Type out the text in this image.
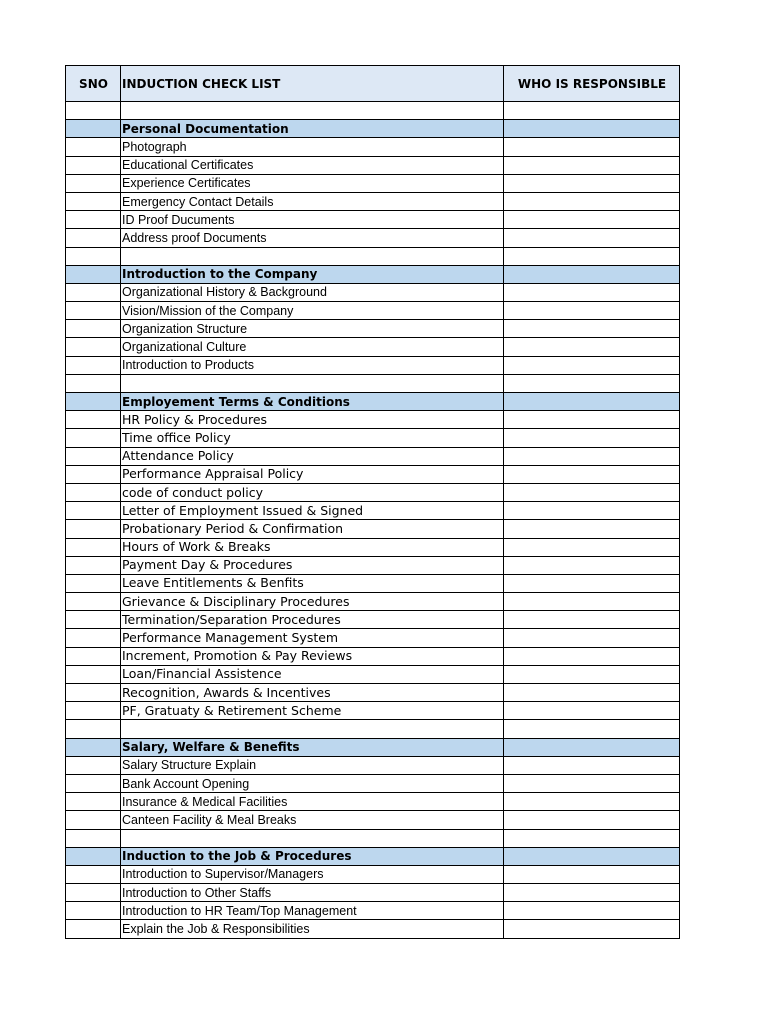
SNO	INDUCTION CHECK LIST	WHO IS RESPONSIBLE

	Personal Documentation	
	Photograph	
	Educational Certificates	
	Experience Certificates	
	Emergency Contact Details	
	ID Proof Ducuments	
	Address proof Documents	

	Introduction to the Company	
	Organizational History & Background	
	Vision/Mission of the Company	
	Organization Structure	
	Organizational Culture	
	Introduction to Products	

	Employement Terms & Conditions	
	HR Policy & Procedures	
	Time office Policy	
	Attendance Policy	
	Performance Appraisal Policy	
	code of conduct policy	
	Letter of Employment Issued & Signed	
	Probationary Period & Confirmation	
	Hours of Work & Breaks	
	Payment Day & Procedures	
	Leave Entitlements & Benfits	
	Grievance & Disciplinary Procedures	
	Termination/Separation Procedures	
	Performance Management System	
	Increment, Promotion & Pay Reviews	
	Loan/Financial Assistence	
	Recognition, Awards & Incentives	
	PF, Gratuaty & Retirement Scheme	

	Salary, Welfare & Benefits	
	Salary Structure Explain	
	Bank Account Opening	
	Insurance & Medical Facilities	
	Canteen Facility & Meal Breaks	

	Induction to the Job & Procedures	
	Introduction to Supervisor/Managers	
	Introduction to Other Staffs	
	Introduction to HR Team/Top Management	
	Explain the Job & Responsibilities	
